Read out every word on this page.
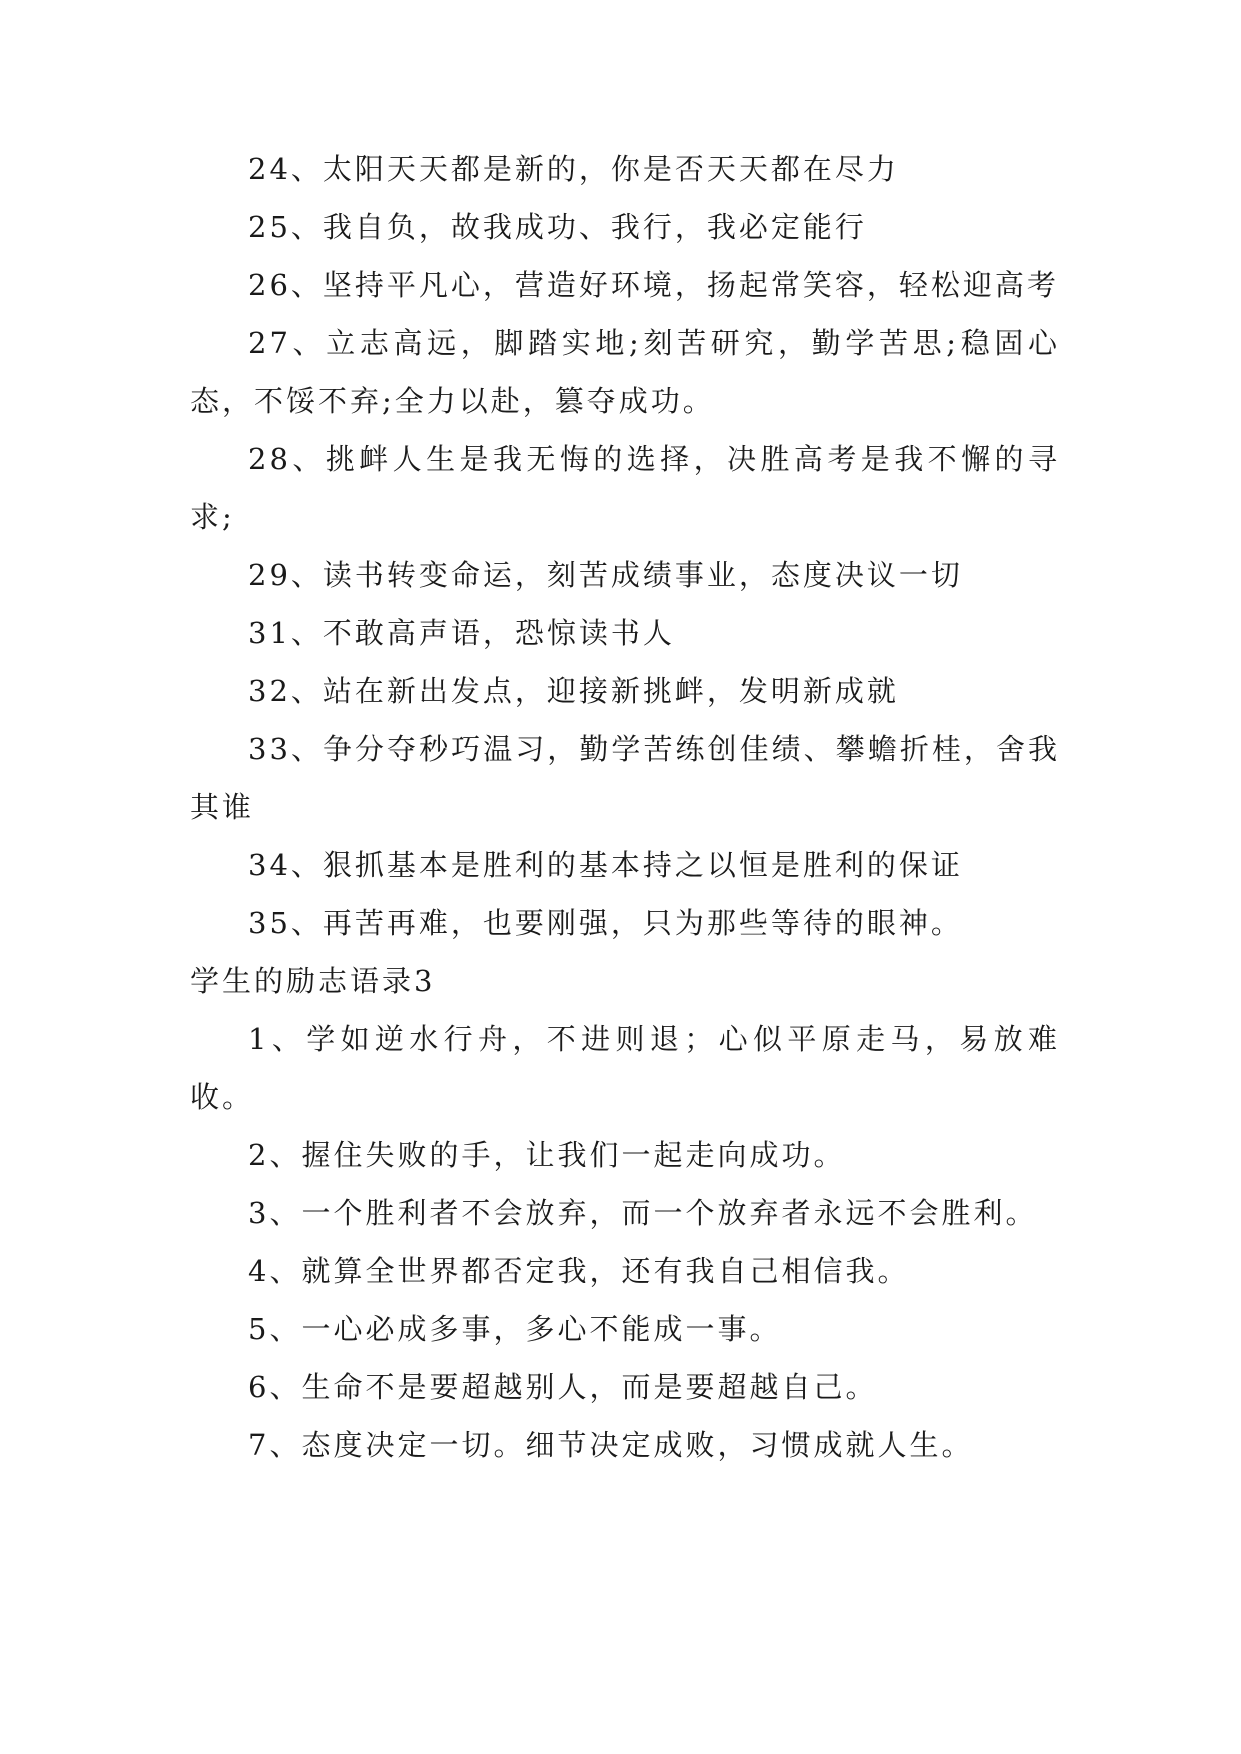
24、太阳天天都是新的，你是否天天都在尽力

25、我自负，故我成功、我行，我必定能行

26、坚持平凡心，营造好环境，扬起常笑容，轻松迎高考

27、立志高远，脚踏实地;刻苦研究，勤学苦思;稳固心态，不馁不弃;全力以赴，篡夺成功。

28、挑衅人生是我无悔的选择，决胜高考是我不懈的寻求;

29、读书转变命运，刻苦成绩事业，态度决议一切

31、不敢高声语，恐惊读书人

32、站在新出发点，迎接新挑衅，发明新成就

33、争分夺秒巧温习，勤学苦练创佳绩、攀蟾折桂，舍我其谁

34、狠抓基本是胜利的基本持之以恒是胜利的保证

35、再苦再难，也要刚强，只为那些等待的眼神。

学生的励志语录3

1、学如逆水行舟，不进则退；心似平原走马，易放难收。

2、握住失败的手，让我们一起走向成功。

3、一个胜利者不会放弃，而一个放弃者永远不会胜利。

4、就算全世界都否定我，还有我自己相信我。

5、一心必成多事，多心不能成一事。

6、生命不是要超越别人，而是要超越自己。

7、态度决定一切。细节决定成败，习惯成就人生。
